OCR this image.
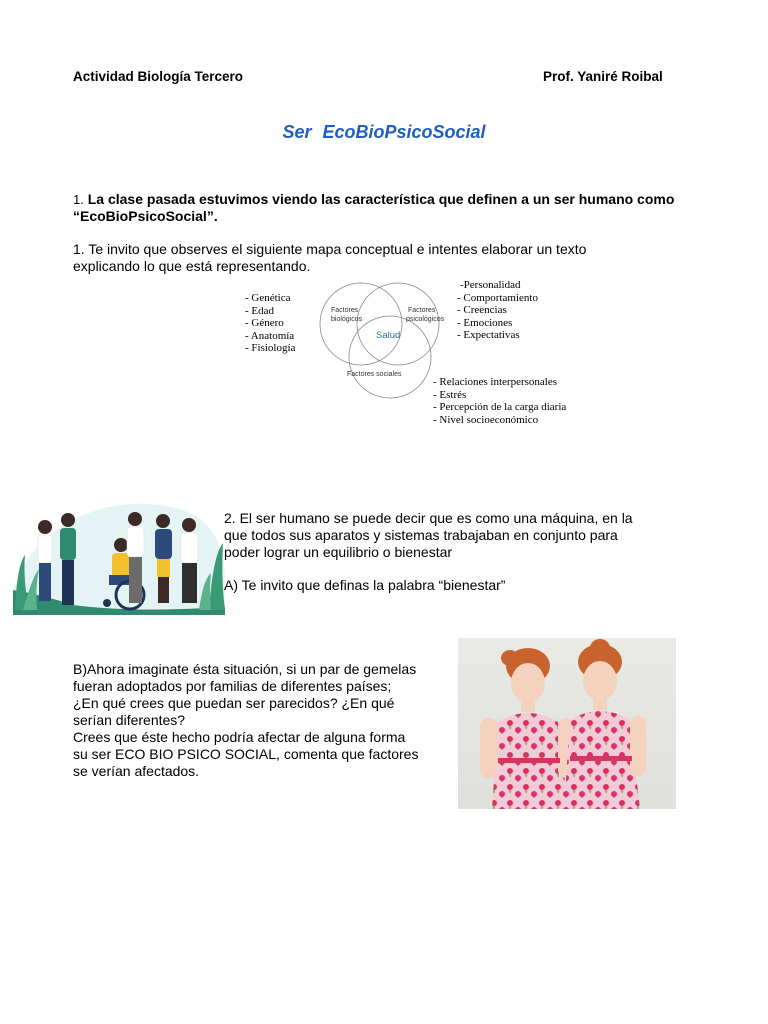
Actividad Biología Tercero	Prof. Yaniré Roibal
Ser EcoBioPsicoSocial
1. La clase pasada estuvimos viendo las característica que definen a un ser humano como “EcoBioPsicoSocial”.
1. Te invito que observes el siguiente mapa conceptual e intentes elaborar un texto
explicando lo que está representando.
Factores
biológicos
Factores
psicológicos
Salud
Factores sociales
- Genética
- Edad
- Género
- Anatomía
- Fisiología
-Personalidad
- Comportamiento
- Creencias
- Emociones
- Expectativas
- Relaciones interpersonales
- Estrés
- Percepción de la carga diaria
- Nivel socioeconómico
2. El ser humano se puede decir que es como una máquina, en la
que todos sus aparatos y sistemas trabajaban en conjunto para
poder lograr un equilibrio o bienestar
A) Te invito que definas la palabra “bienestar”
B)Ahora imaginate ésta situación, si un par de gemelas
fueran adoptados por familias de diferentes países;
¿En qué crees que puedan ser parecidos? ¿En qué
serían diferentes?
Crees que éste hecho podría afectar de alguna forma
su ser ECO BIO PSICO SOCIAL, comenta que factores
se verían afectados.
